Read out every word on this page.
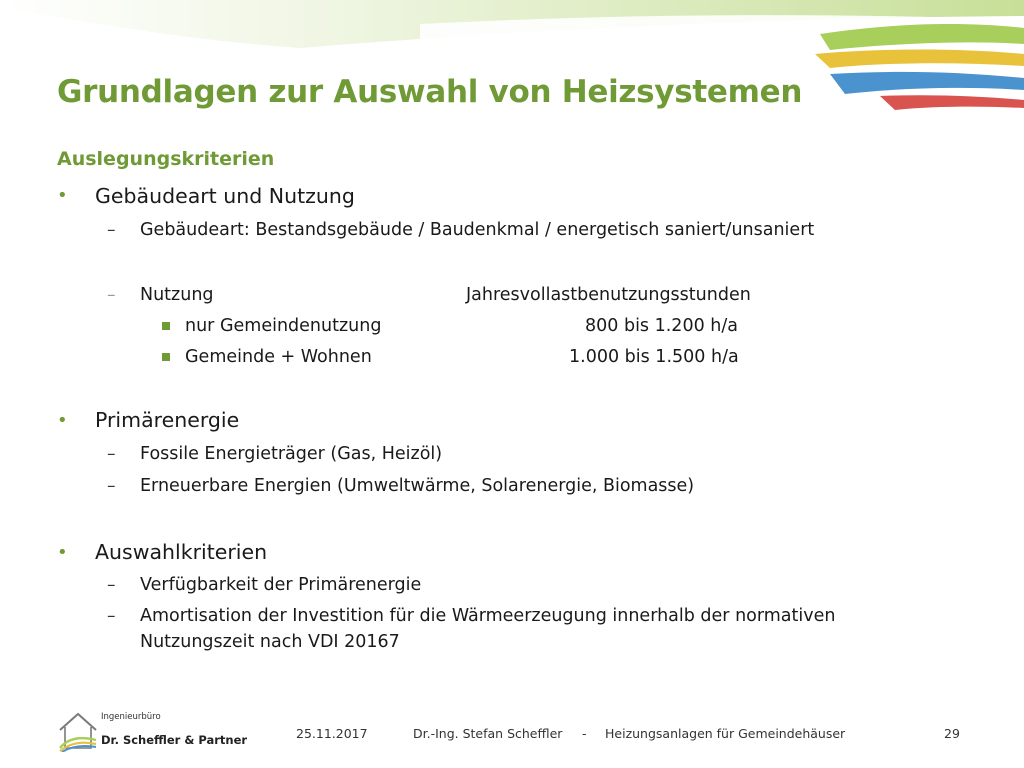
Grundlagen zur Auswahl von Heizsystemen
Auslegungskriterien
• Gebäudeart und Nutzung
– Gebäudeart: Bestandsgebäude / Baudenkmal / energetisch saniert/unsaniert
– Nutzung	Jahresvollastbenutzungsstunden
nur Gemeindenutzung	800 bis 1.200 h/a
Gemeinde + Wohnen	1.000 bis 1.500 h/a
• Primärenergie
– Fossile Energieträger (Gas, Heizöl)
– Erneuerbare Energien (Umweltwärme, Solarenergie, Biomasse)
• Auswahlkriterien
– Verfügbarkeit der Primärenergie
– Amortisation der Investition für die Wärmeerzeugung innerhalb der normativen
Nutzungszeit nach VDI 20167
Ingenieurbüro
Dr. Scheffler & Partner	25.11.2017	Dr.-Ing. Stefan Scheffler - Heizungsanlagen für Gemeindehäuser	29
